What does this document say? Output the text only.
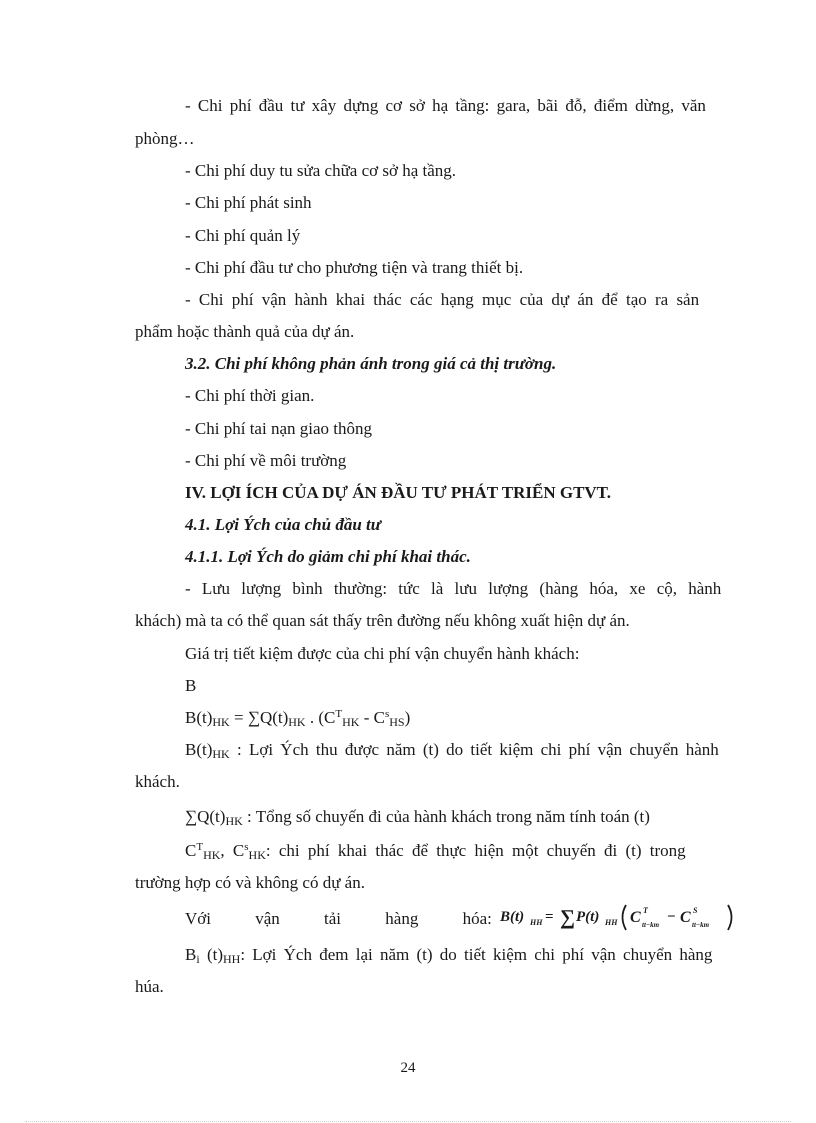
- Chi phí đầu tư xây dựng cơ sở hạ tầng: gara, bãi đỗ, điểm dừng, văn
phòng…
- Chi phí duy tu sửa chữa cơ sở hạ tầng.
- Chi phí phát sinh
- Chi phí quản lý
- Chi phí đầu tư cho phương tiện và trang thiết bị.
- Chi phí vận hành khai thác các hạng mục của dự án để tạo ra sản
phẩm hoặc thành quả của dự án.
3.2. Chi phí không phản ánh trong giá cả thị trường.
- Chi phí thời gian.
- Chi phí tai nạn giao thông
- Chi phí về môi trường
IV. LỢI ÍCH CỦA DỰ ÁN ĐẦU TƯ PHÁT TRIỂN GTVT.
4.1. Lợi Ých của chủ đầu tư
4.1.1. Lợi Ých do giảm chi phí khai thác.
- Lưu lượng bình thường: tức là lưu lượng (hàng hóa, xe cộ, hành
khách) mà ta có thể quan sát thấy trên đường nếu không xuất hiện dự án.
Giá trị tiết kiệm được của chi phí vận chuyển hành khách:
B
$B(t)_{HK} = \sum Q(t)_{HK}$ . $(C^T_{HK} - C^s_{HS})$
$B(t)_{HK}$ : Lợi Ých thu được năm (t) do tiết kiệm chi phí vận chuyển hành
khách.
$\sum Q(t)_{HK}$ : Tổng số chuyến đi của hành khách trong năm tính toán (t)
$C^T_{HK}$, $C^s_{HK}$: chi phí khai thác để thực hiện một chuyến đi (t) trong
trường hợp có và không có dự án.
Với vận tải hàng hóa: B(t) HH = ∑ P(t) HH C T
tt−km − C S
tt−km
$B_i$ $(t)_{HH}$: Lợi Ých đem lại năm (t) do tiết kiệm chi phí vận chuyển hàng
húa.
24
